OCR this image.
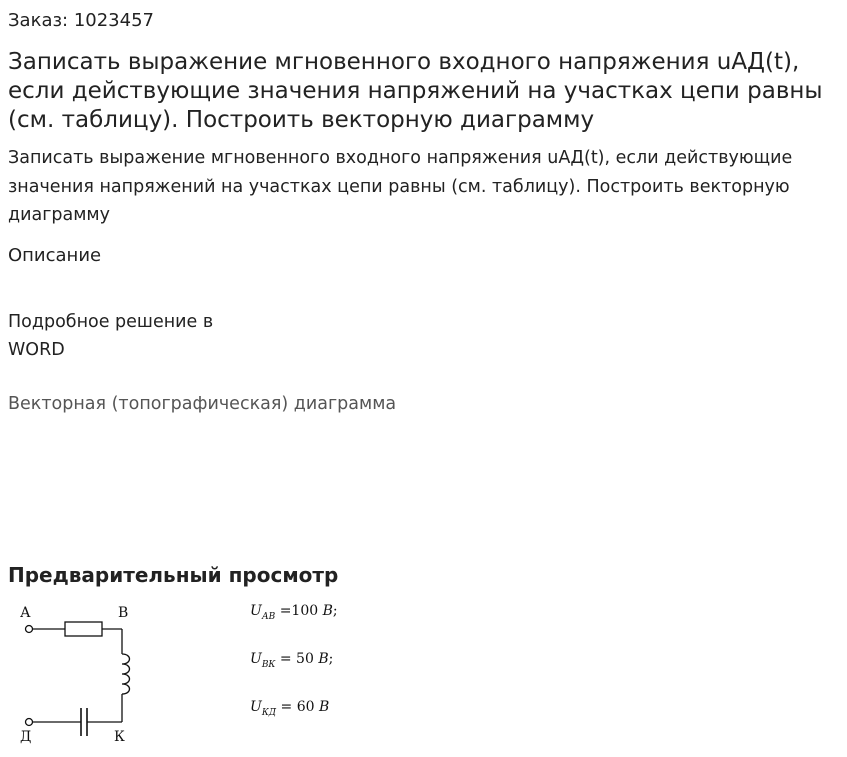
Заказ: 1023457
Записать выражение мгновенного входного напряжения uАД(t), если действующие значения напряжений на участках цепи равны (см. таблицу). Построить векторную диаграмму
Записать выражение мгновенного входного напряжения uАД(t), если действующие значения напряжений на участках цепи равны (см. таблицу). Построить векторную диаграмму
Описание
Подробное решение в WORD
Векторная (топографическая) диаграмма
Предварительный просмотр
А	В
Д	К
$U_{АВ} =100$ В;
$U_{ВК} = 50$ В;
$U_{КД} = 60$ В
